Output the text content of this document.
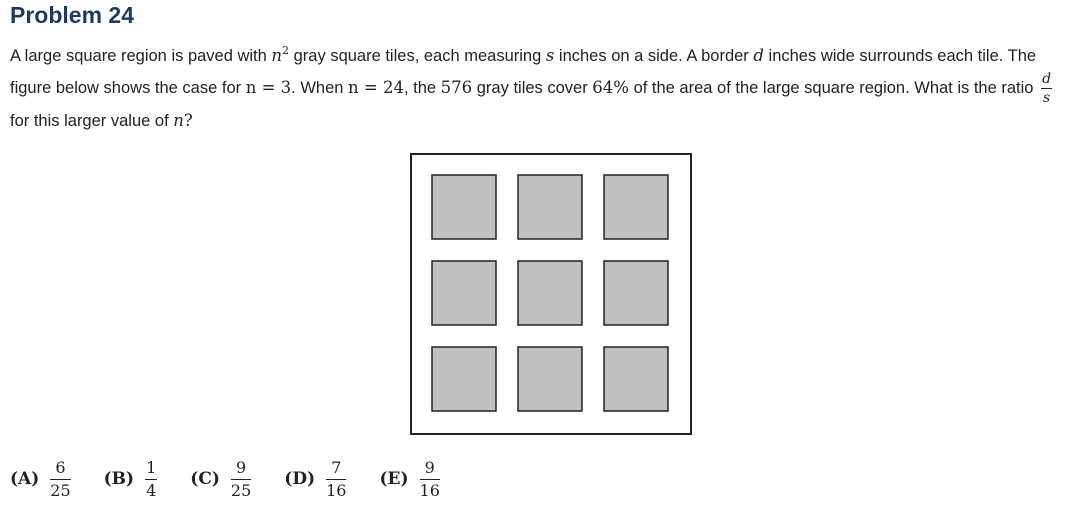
Problem 24
A large square region is paved with $n^2$ gray square tiles, each measuring s inches on a side. A border d inches wide surrounds each tile. The figure below shows the case for n = 3. When n = 24, the 576 gray tiles cover 64% of the area of the large square region. What is the ratio $\frac{d}{s}$

for this larger value of n?
$(A) \frac{6}{25} (B) \frac{1}{4} (C) \frac{9}{25} (D) \frac{7}{16} (E) \frac{9}{16}$
